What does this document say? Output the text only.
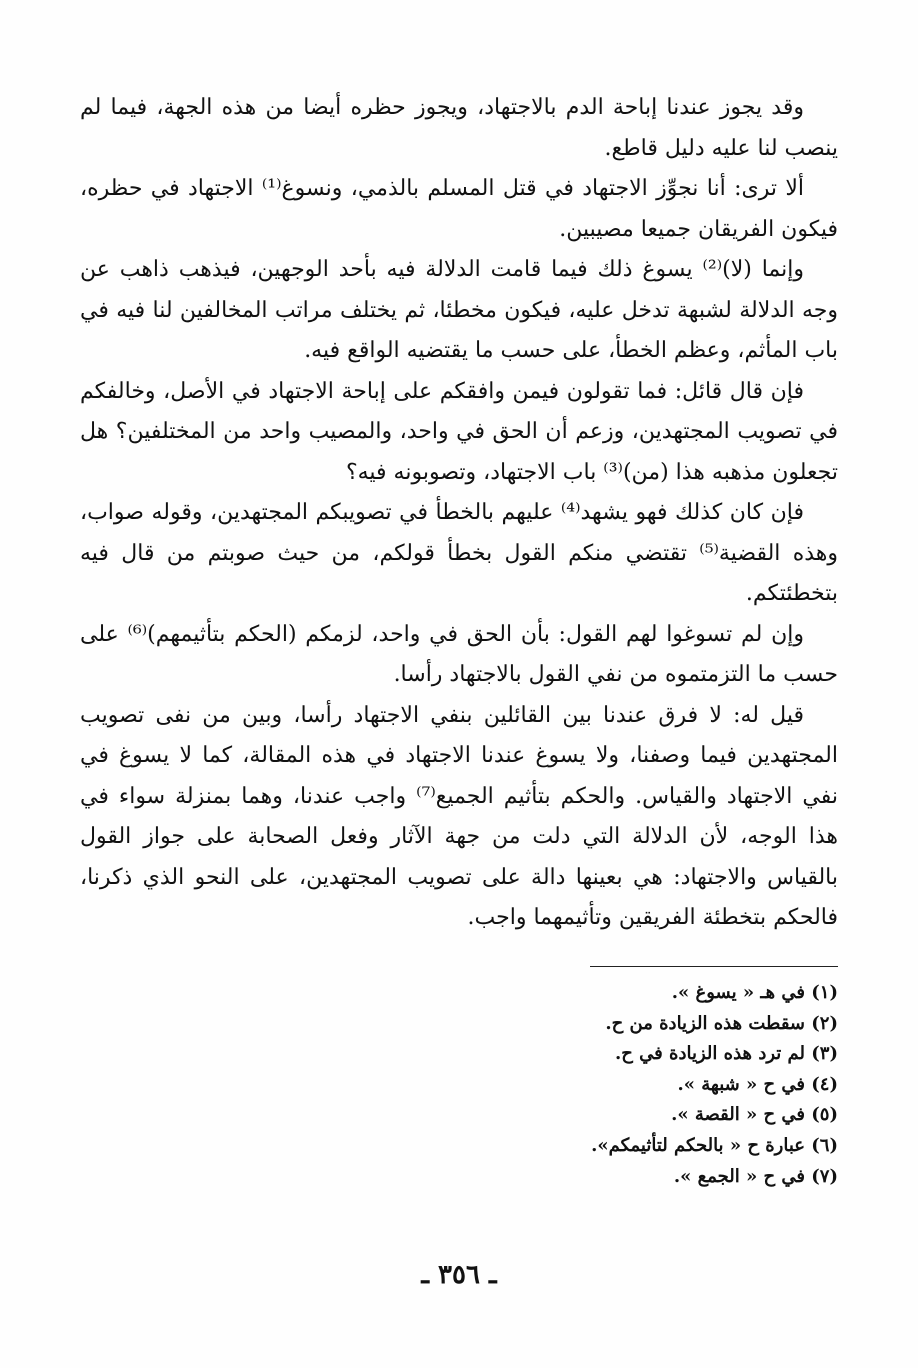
وقد يجوز عندنا إباحة الدم بالاجتهاد، ويجوز حظره أيضا من هذه الجهة، فيما لم ينصب لنا عليه دليل قاطع.

ألا ترى: أنا نجوِّز الاجتهاد في قتل المسلم بالذمي، ونسوغ⁽¹⁾ الاجتهاد في حظره، فيكون الفريقان جميعا مصيبين.

وإنما (لا)⁽²⁾ يسوغ ذلك فيما قامت الدلالة فيه بأحد الوجهين، فيذهب ذاهب عن وجه الدلالة لشبهة تدخل عليه، فيكون مخطئا، ثم يختلف مراتب المخالفين لنا فيه في باب المأثم، وعظم الخطأ، على حسب ما يقتضيه الواقع فيه.

فإن قال قائل: فما تقولون فيمن وافقكم على إباحة الاجتهاد في الأصل، وخالفكم في تصويب المجتهدين، وزعم أن الحق في واحد، والمصيب واحد من المختلفين؟ هل تجعلون مذهبه هذا (من)⁽³⁾ باب الاجتهاد، وتصوبونه فيه؟

فإن كان كذلك فهو يشهد⁽⁴⁾ عليهم بالخطأ في تصويبكم المجتهدين، وقوله صواب، وهذه القضية⁽⁵⁾ تقتضي منكم القول بخطأ قولكم، من حيث صوبتم من قال فيه بتخطئتكم.

وإن لم تسوغوا لهم القول: بأن الحق في واحد، لزمكم (الحكم بتأثيمهم)⁽⁶⁾ على حسب ما التزمتموه من نفي القول بالاجتهاد رأسا.

قيل له: لا فرق عندنا بين القائلين بنفي الاجتهاد رأسا، وبين من نفى تصويب المجتهدين فيما وصفنا، ولا يسوغ عندنا الاجتهاد في هذه المقالة، كما لا يسوغ في نفي الاجتهاد والقياس. والحكم بتأثيم الجميع⁽⁷⁾ واجب عندنا، وهما بمنزلة سواء في هذا الوجه، لأن الدلالة التي دلت من جهة الآثار وفعل الصحابة على جواز القول بالقياس والاجتهاد: هي بعينها دالة على تصويب المجتهدين، على النحو الذي ذكرنا، فالحكم بتخطئة الفريقين وتأثيمهما واجب.

(١) في هـ « يسوغ ».

(٢) سقطت هذه الزيادة من ح.

(٣) لم ترد هذه الزيادة في ح.

(٤) في ح « شبهة ».

(٥) في ح « القصة ».

(٦) عبارة ح « بالحكم لتأثيمكم».

(٧) في ح « الجمع ».

ـ ٣٥٦ ـ
